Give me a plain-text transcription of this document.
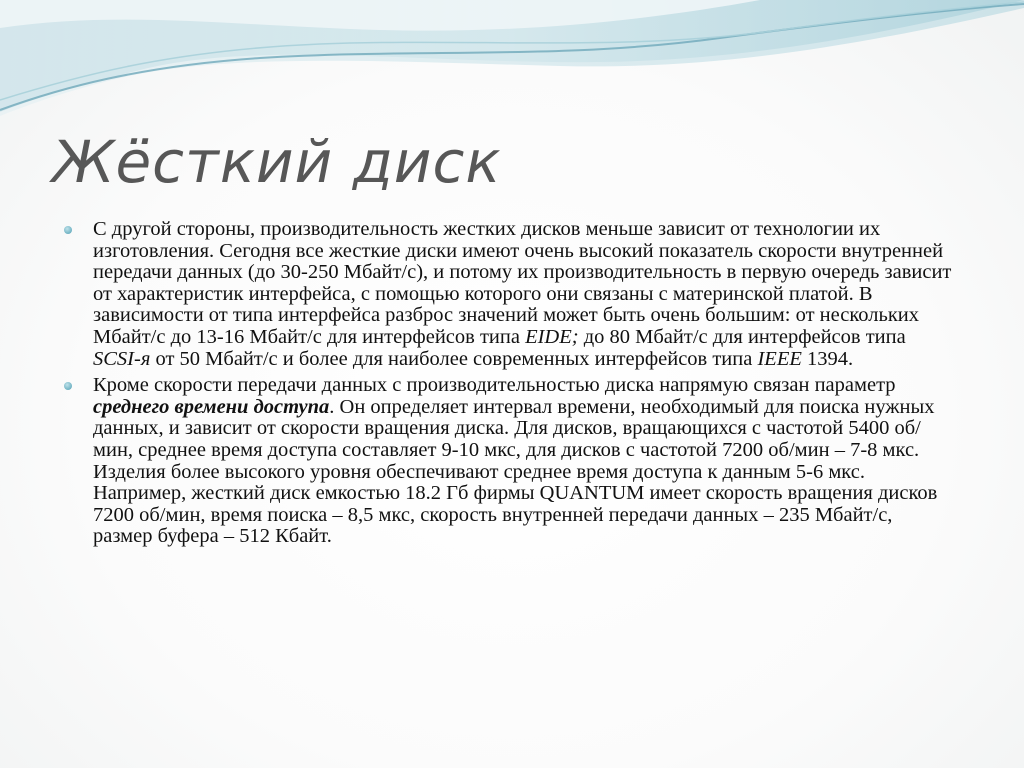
Жёсткий диск

С другой стороны, производительность жестких дисков меньше зависит от технологии их изготовления. Сегодня все жесткие диски имеют очень высокий показатель скорости внутренней передачи данных (до 30-250 Мбайт/с), и потому их производительность в первую очередь зависит от характеристик интерфейса, с помощью которого они связаны с материнской платой. В зависимости от типа интерфейса разброс значений может быть очень большим: от нескольких Мбайт/с до 13-16 Мбайт/с для интерфейсов типа EIDE; до 80 Мбайт/с для интерфейсов типа SCSI-я от 50 Мбайт/с и более для наиболее современных интерфейсов типа IEEE 1394.

Кроме скорости передачи данных с производительностью диска напрямую связан параметр среднего времени доступа. Он определяет интервал времени, необходимый для поиска нужных данных, и зависит от скорости вращения диска. Для дисков, вращающихся с частотой 5400 об/мин, среднее время доступа составляет 9-10 мкс, для дисков с частотой 7200 об/мин – 7-8 мкс. Изделия более высокого уровня обеспечивают среднее время доступа к данным 5-6 мкс. Например, жесткий диск емкостью 18.2 Гб фирмы QUANTUM имеет скорость вращения дисков 7200 об/мин, время поиска – 8,5 мкс, скорость внутренней передачи данных – 235 Мбайт/с, размер буфера – 512 Кбайт.
